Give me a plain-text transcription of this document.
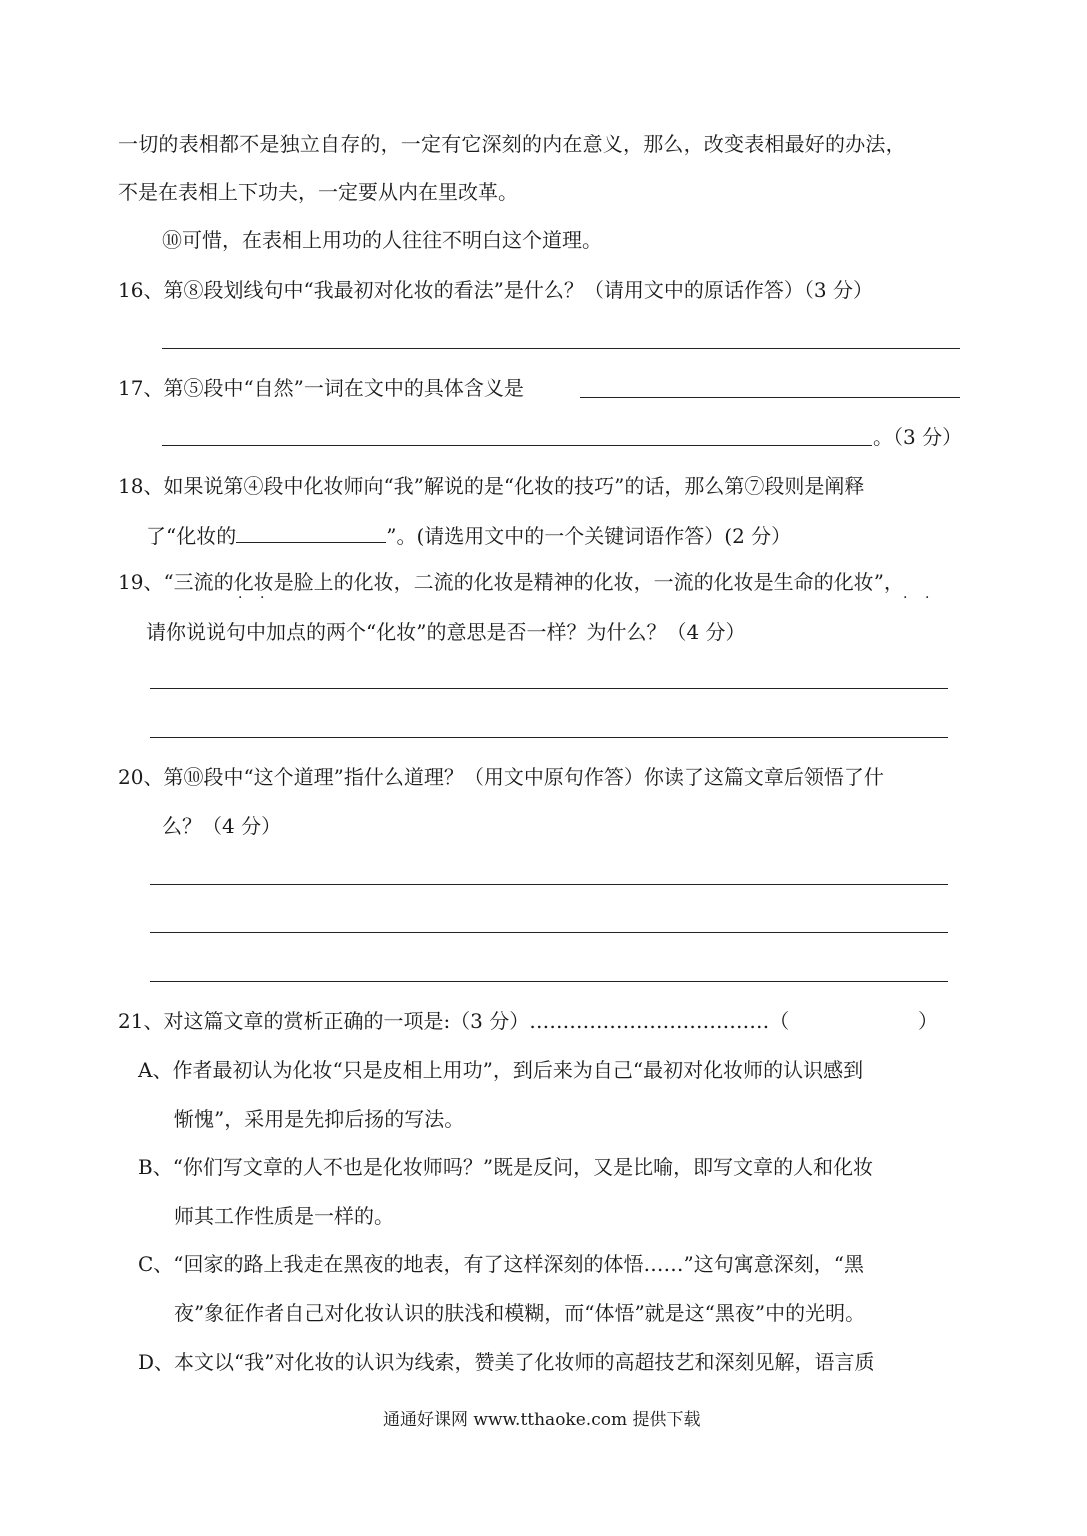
一切的表相都不是独立自存的，一定有它深刻的内在意义，那么，改变表相最好的办法，
不是在表相上下功夫，一定要从内在里改革。
⑩可惜，在表相上用功的人往往不明白这个道理。
16、第⑧段划线句中“我最初对化妆的看法”是什么？（请用文中的原话作答）（3 分）
17、第⑤段中“自然”一词在文中的具体含义是
。（3 分）
18、如果说第④段中化妆师向“我”解说的是“化妆的技巧”的话，那么第⑦段则是阐释
了“化妆的	”。(请选用文中的一个关键词语作答）(2 分）
19、“三流的化妆是脸上的化妆，二流的化妆是精神的化妆，一流的化妆是生命的化妆”，
·  ·	·  ·
请你说说句中加点的两个“化妆”的意思是否一样？为什么？（4 分）
20、第⑩段中“这个道理”指什么道理？（用文中原句作答）你读了这篇文章后领悟了什
么？（4 分）
21、对这篇文章的赏析正确的一项是:（3 分）………………………………（	）
A、作者最初认为化妆“只是皮相上用功”，到后来为自己“最初对化妆师的认识感到
惭愧”，采用是先抑后扬的写法。
B、“你们写文章的人不也是化妆师吗？”既是反问，又是比喻，即写文章的人和化妆
师其工作性质是一样的。
C、“回家的路上我走在黑夜的地表，有了这样深刻的体悟……”这句寓意深刻，“黑
夜”象征作者自己对化妆认识的肤浅和模糊，而“体悟”就是这“黑夜”中的光明。
D、本文以“我”对化妆的认识为线索，赞美了化妆师的高超技艺和深刻见解，语言质
通通好课网 www.tthaoke.com 提供下载
